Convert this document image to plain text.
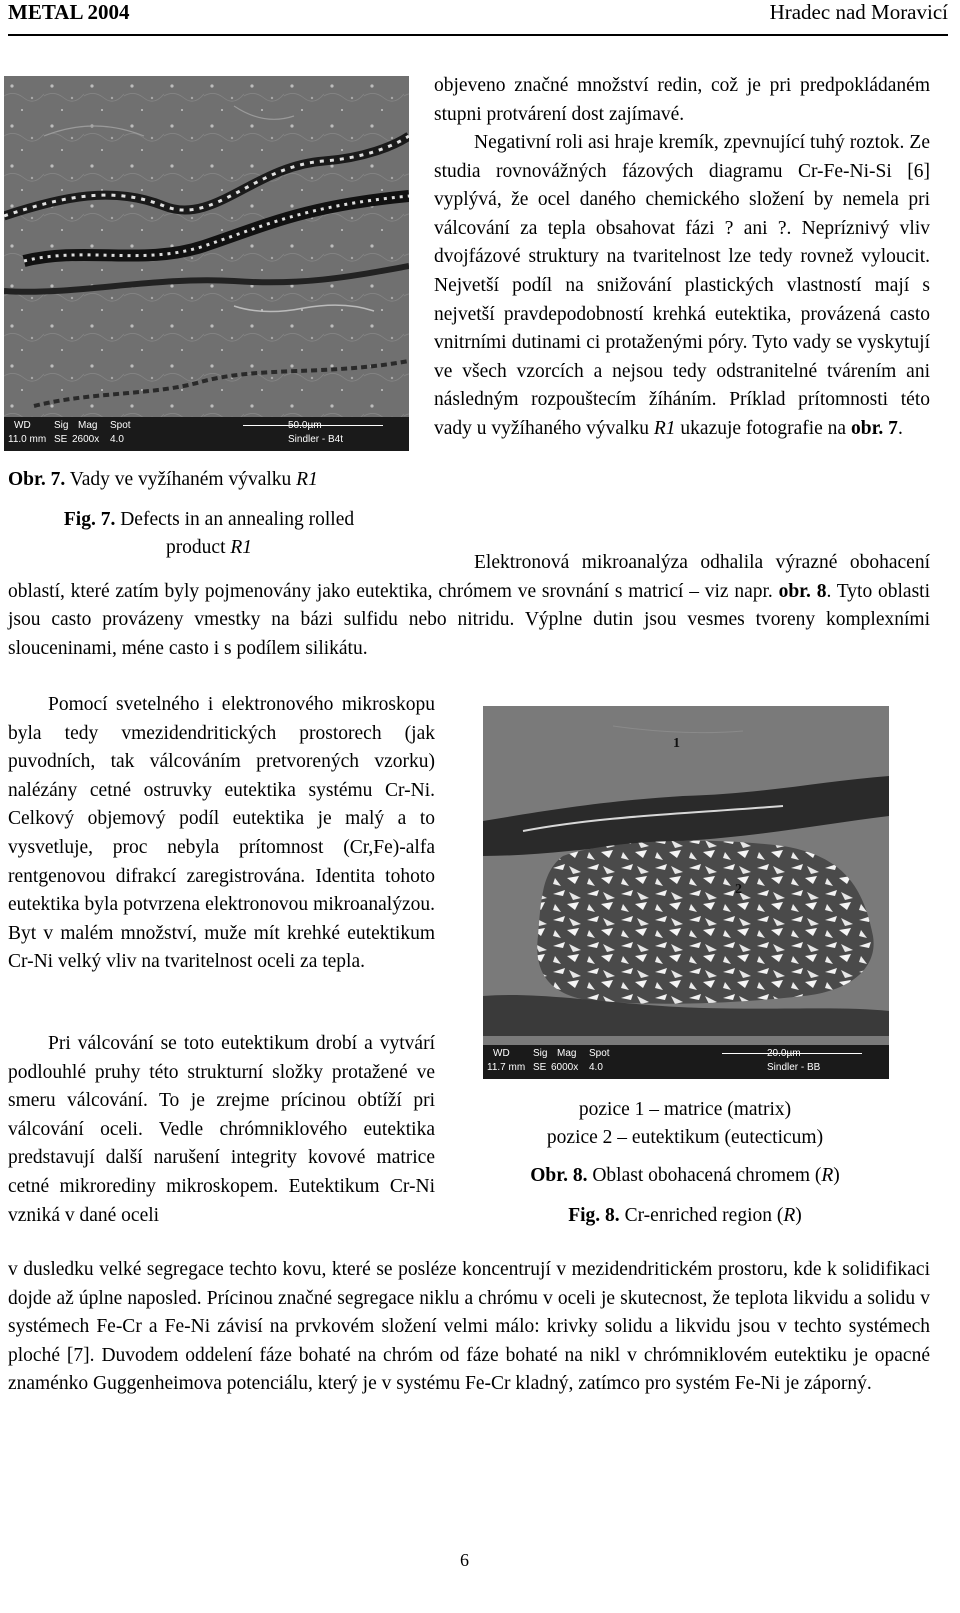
METAL 2004	Hradec nad Moravicí
WD Sig Mag Spot
11.0 mm SE 2600x 4.0
50.0µm
Sindler - B4t
Obr. 7. Vady ve vyžíhaném vývalku R1
Fig. 7. Defects in an annealing rolled
product R1
objeveno značné množství redin, což je pri predpokládaném stupni protvárení dost zajímavé.
Negativní roli asi hraje kremík, zpevnující tuhý roztok. Ze studia rovnovážných fázových diagramu Cr-Fe-Ni-Si [6] vyplývá, že ocel daného chemického složení by nemela pri válcování za tepla obsahovat fázi ? ani ?. Nepríznivý vliv dvojfázové struktury na tvaritelnost lze tedy rovnež vyloucit. Nejvetší podíl na snižování plastických vlastností mají s nejvetší pravdepodobností krehká eutektika, provázená casto vnitrními dutinami ci protaženými póry. Tyto vady se vyskytují ve všech vzorcích a nejsou tedy odstranitelné tvárením ani následným rozpouštecím žíháním. Príklad prítomnosti této vady u vyžíhaného vývalku R1 ukazuje fotografie na obr. 7.
Elektronová mikroanalýza odhalila výrazné obohacení oblastí, které zatím byly pojmenovány jako eutektika, chrómem ve srovnání s matricí – viz napr. obr. 8. Tyto oblasti jsou casto provázeny vmestky na bázi sulfidu nebo nitridu. Výplne dutin jsou vesmes tvoreny komplexními slouceninami, méne casto i s podílem silikátu.
Pomocí svetelného i elektronového mikroskopu byla tedy vmezidendritických prostorech (jak puvodních, tak válcováním pretvorených vzorku) nalézány cetné ostruvky eutektika systému Cr-Ni. Celkový objemový podíl eutektika je malý a to vysvetluje, proc nebyla prítomnost (Cr,Fe)-alfa rentgenovou difrakcí zaregistrována. Identita tohoto eutektika byla potvrzena elektronovou mikroanalýzou. Byt v malém množství, muže mít krehké eutektikum Cr-Ni velký vliv na tvaritelnost oceli za tepla.
Pri válcování se toto eutektikum drobí a vytvárí podlouhlé pruhy této strukturní složky protažené ve smeru válcování. To je zrejme prícinou obtíží pri válcování oceli. Vedle chrómniklového eutektika predstavují další narušení integrity kovové matrice cetné mikrorediny mikroskopem. Eutektikum Cr-Ni vzniká v dané oceli
1
2
WD Sig Mag Spot
11.7 mm SE 6000x 4.0
20.0µm
Sindler - BB
pozice 1 – matrice (matrix)
pozice 2 – eutektikum (eutecticum)
Obr. 8. Oblast obohacená chromem (R)
Fig. 8. Cr-enriched region (R)
v dusledku velké segregace techto kovu, které se posléze koncentrují v mezidendritickém prostoru, kde k solidifikaci dojde až úplne naposled. Prícinou značné segregace niklu a chrómu v oceli je skutecnost, že teplota likvidu a solidu v systémech Fe-Cr a Fe-Ni závisí na prvkovém složení velmi málo: krivky solidu a likvidu jsou v techto systémech ploché [7]. Duvodem oddelení fáze bohaté na chróm od fáze bohaté na nikl v chrómniklovém eutektiku je opacné znaménko Guggenheimova potenciálu, který je v systému Fe-Cr kladný, zatímco pro systém Fe-Ni je záporný.
6
